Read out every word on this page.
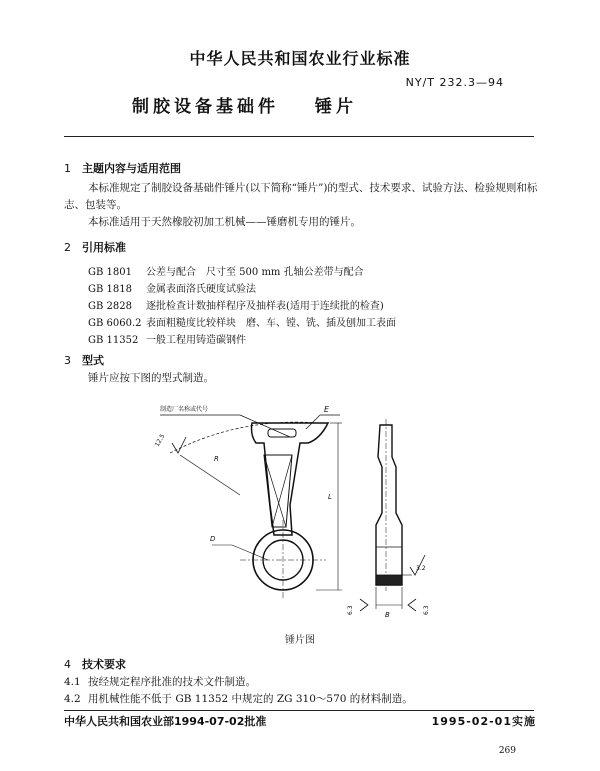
中华人民共和国农业行业标准
NY/T 232.3—94
制胶设备基础件 锤片
1 主题内容与适用范围
本标准规定了制胶设备基础件锤片(以下简称“锤片”)的型式、技术要求、试验方法、检验规则和标
志、包装等。
本标准适用于天然橡胶初加工机械——锤磨机专用的锤片。
2 引用标准
GB 1801 公差与配合　尺寸至 500 mm 孔轴公差带与配合
GB 1818 金属表面洛氏硬度试验法
GB 2828 逐批检查计数抽样程序及抽样表(适用于连续批的检查)
GB 6060.2 表面粗糙度比较样块　磨、车、镗、铣、插及刨加工表面
GB 11352 一般工程用铸造碳钢件
3 型式
锤片应按下图的型式制造。
制造厂名称或代号	E
R
12.5
D
L
B
3.2
6.3	6.3
锤片图
4 技术要求
4.1 按经规定程序批准的技术文件制造。
4.2 用机械性能不低于 GB 11352 中规定的 ZG 310～570 的材料制造。
中华人民共和国农业部1994-07-02批准	1995-02-01实施
269
